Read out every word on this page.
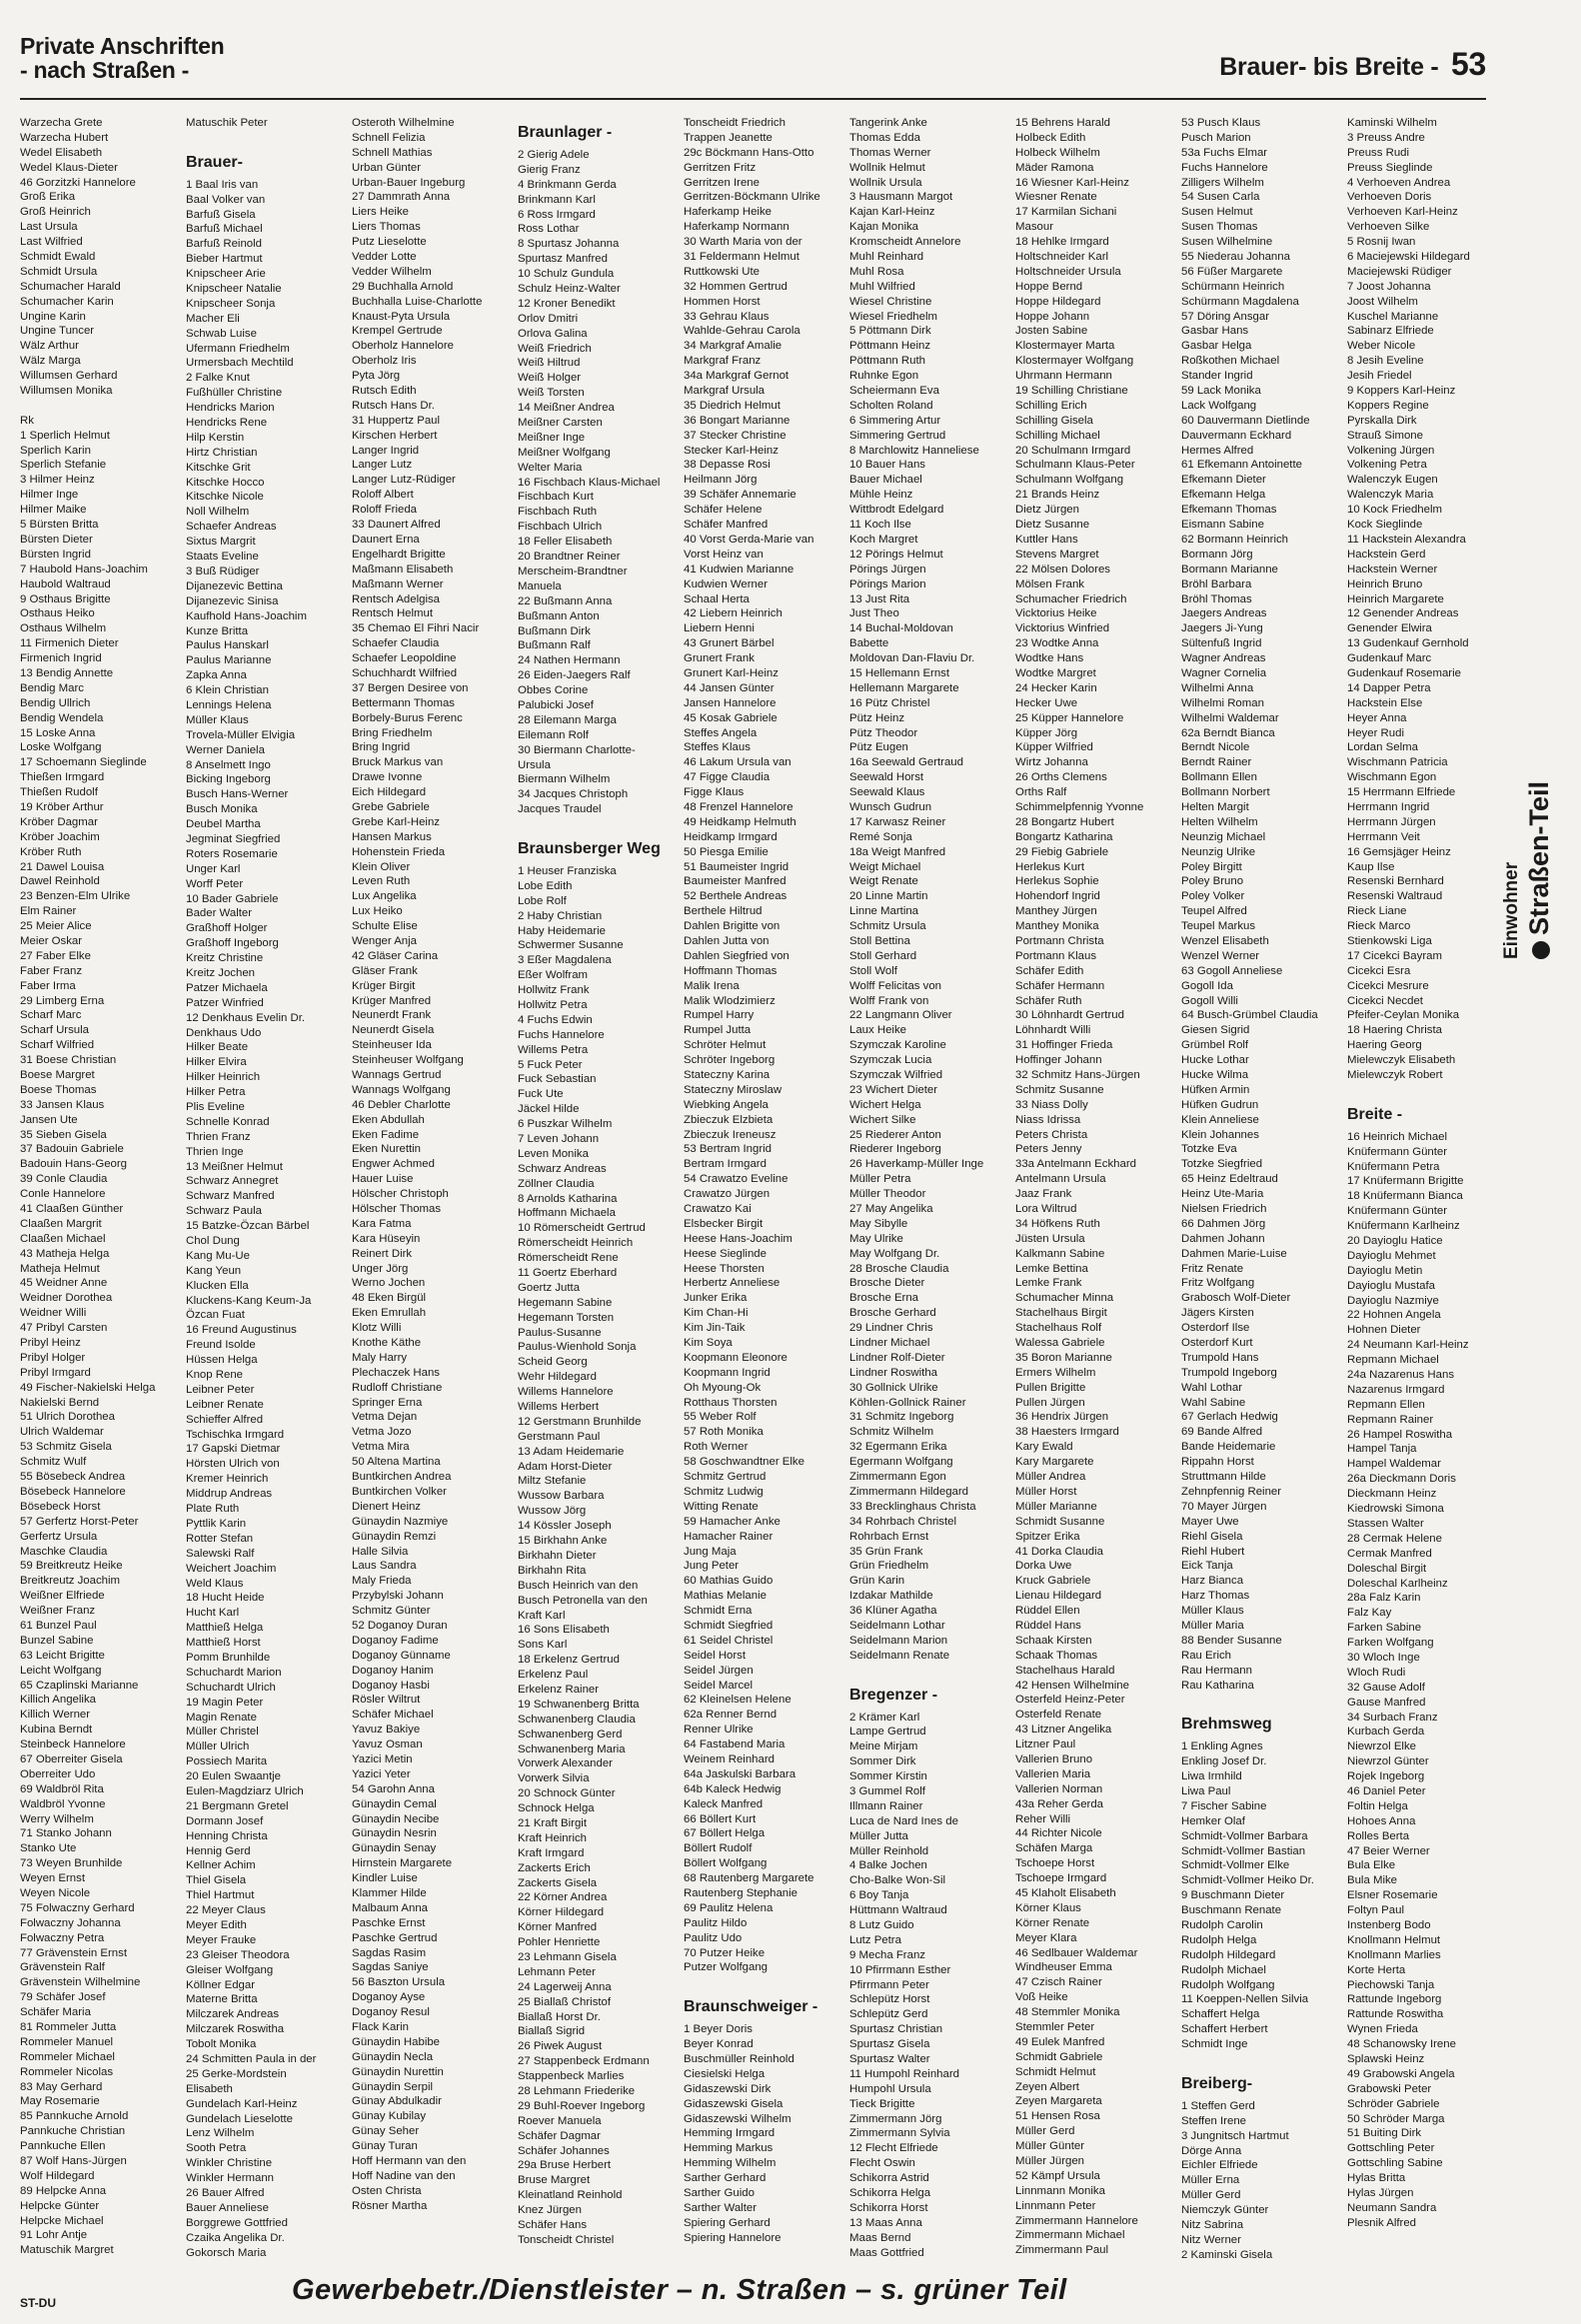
Private Anschriften
- nach Straßen -	Brauer- bis Breite - 53
Warzecha Grete
Warzecha Hubert
Wedel Elisabeth
Wedel Klaus-Dieter
46 Gorzitzki Hannelore
Groß Erika
Groß Heinrich
Last Ursula
Last Wilfried
Schmidt Ewald
Schmidt Ursula
Schumacher Harald
Schumacher Karin
Ungine Karin
Ungine Tuncer
Wälz Arthur
Wälz Marga
Willumsen Gerhard
Willumsen Monika

Rk
1 Sperlich Helmut
Sperlich Karin
Sperlich Stefanie
3 Hilmer Heinz
Hilmer Inge
Hilmer Maike
5 Bürsten Britta
Bürsten Dieter
Bürsten Ingrid
7 Haubold Hans-Joachim
Haubold Waltraud
9 Osthaus Brigitte
Osthaus Heiko
Osthaus Wilhelm
11 Firmenich Dieter
Firmenich Ingrid
13 Bendig Annette
Bendig Marc
Bendig Ullrich
Bendig Wendela
15 Loske Anna
Loske Wolfgang
17 Schoemann Sieglinde
Thießen Irmgard
Thießen Rudolf
19 Kröber Arthur
Kröber Dagmar
Kröber Joachim
Kröber Ruth
21 Dawel Louisa
Dawel Reinhold
23 Benzen-Elm Ulrike
Elm Rainer
25 Meier Alice
Meier Oskar
27 Faber Elke
Faber Franz
Faber Irma
29 Limberg Erna
Scharf Marc
Scharf Ursula
Scharf Wilfried
31 Boese Christian
Boese Margret
Boese Thomas
33 Jansen Klaus
Jansen Ute
35 Sieben Gisela
37 Badouin Gabriele
Badouin Hans-Georg
39 Conle Claudia
Conle Hannelore
41 Claaßen Günther
Claaßen Margrit
Claaßen Michael
43 Matheja Helga
Matheja Helmut
45 Weidner Anne
Weidner Dorothea
Weidner Willi
47 Pribyl Carsten
Pribyl Heinz
Pribyl Holger
Pribyl Irmgard
49 Fischer-Nakielski Helga
Nakielski Bernd
51 Ulrich Dorothea
Ulrich Waldemar
53 Schmitz Gisela
Schmitz Wulf
55 Bösebeck Andrea
Bösebeck Hannelore
Bösebeck Horst
57 Gerfertz Horst-Peter
Gerfertz Ursula
Maschke Claudia
59 Breitkreutz Heike
Breitkreutz Joachim
Weißner Elfriede
Weißner Franz
61 Bunzel Paul
Bunzel Sabine
63 Leicht Brigitte
Leicht Wolfgang
65 Czaplinski Marianne
Killich Angelika
Killich Werner
Kubina Berndt
Steinbeck Hannelore
67 Oberreiter Gisela
Oberreiter Udo
69 Waldbröl Rita
Waldbröl Yvonne
Werry Wilhelm
71 Stanko Johann
Stanko Ute
73 Weyen Brunhilde
Weyen Ernst
Weyen Nicole
75 Folwaczny Gerhard
Folwaczny Johanna
Folwaczny Petra
77 Grävenstein Ernst
Grävenstein Ralf
Grävenstein Wilhelmine
79 Schäfer Josef
Schäfer Maria
81 Rommeler Jutta
Rommeler Manuel
Rommeler Michael
Rommeler Nicolas
83 May Gerhard
May Rosemarie
85 Pannkuche Arnold
Pannkuche Christian
Pannkuche Ellen
87 Wolf Hans-Jürgen
Wolf Hildegard
89 Helpcke Anna
Helpcke Günter
Helpcke Michael
91 Lohr Antje
Matuschik Margret
Matuschik Peter

Brauer-
1 Baal Iris van
Baal Volker van
Barfuß Gisela
Barfuß Michael
Barfuß Reinold
Bieber Hartmut
Knipscheer Arie
Knipscheer Natalie
Knipscheer Sonja
Macher Eli
Schwab Luise
Ufermann Friedhelm
Urmersbach Mechtild
2 Falke Knut
Fußhüller Christine
Hendricks Marion
Hendricks Rene
Hilp Kerstin
Hirtz Christian
Kitschke Grit
Kitschke Hocco
Kitschke Nicole
Noll Wilhelm
Schaefer Andreas
Sixtus Margrit
Staats Eveline
3 Buß Rüdiger
Dijanezevic Bettina
Dijanezevic Sinisa
Kaufhold Hans-Joachim
Kunze Britta
Paulus Hanskarl
Paulus Marianne
Zapka Anna
6 Klein Christian
Lennings Helena
Müller Klaus
Trovela-Müller Elvigia
Werner Daniela
8 Anselmett Ingo
Bicking Ingeborg
Busch Hans-Werner
Busch Monika
Deubel Martha
Jegminat Siegfried
Roters Rosemarie
Unger Karl
Worff Peter
10 Bader Gabriele
Bader Walter
Graßhoff Holger
Graßhoff Ingeborg
Kreitz Christine
Kreitz Jochen
Patzer Michaela
Patzer Winfried
12 Denkhaus Evelin Dr.
Denkhaus Udo
Hilker Beate
Hilker Elvira
Hilker Heinrich
Hilker Petra
Plis Eveline
Schnelle Konrad
Thrien Franz
Thrien Inge
13 Meißner Helmut
Schwarz Annegret
Schwarz Manfred
Schwarz Paula
15 Batzke-Özcan Bärbel
Chol Dung
Kang Mu-Ue
Kang Yeun
Klucken Ella
Kluckens-Kang Keum-Ja
Özcan Fuat
16 Freund Augustinus
Freund Isolde
Hüssen Helga
Knop Rene
Leibner Peter
Leibner Renate
Schieffer Alfred
Tschischka Irmgard
17 Gapski Dietmar
Hörsten Ulrich von
Kremer Heinrich
Middrup Andreas
Plate Ruth
Pyttlik Karin
Rotter Stefan
Salewski Ralf
Weichert Joachim
Weld Klaus
18 Hucht Heide
Hucht Karl
Matthieß Helga
Matthieß Horst
Pomm Brunhilde
Schuchardt Marion
Schuchardt Ulrich
19 Magin Peter
Magin Renate
Müller Christel
Müller Ulrich
Possiech Marita
20 Eulen Swaantje
Eulen-Magdziarz Ulrich
21 Bergmann Gretel
Dormann Josef
Henning Christa
Hennig Gerd
Kellner Achim
Thiel Gisela
Thiel Hartmut
22 Meyer Claus
Meyer Edith
Meyer Frauke
23 Gleiser Theodora
Gleiser Wolfgang
Köllner Edgar
Materne Britta
Milczarek Andreas
Milczarek Roswitha
Tobolt Monika
24 Schmitten Paula in der
25 Gerke-Mordstein
Elisabeth
Gundelach Karl-Heinz
Gundelach Lieselotte
Lenz Wilhelm
Sooth Petra
Winkler Christine
Winkler Hermann
26 Bauer Alfred
Bauer Anneliese
Borggrewe Gottfried
Czaika Angelika Dr.
Gokorsch Maria
Osteroth Wilhelmine
Schnell Felizia
Schnell Mathias
Urban Günter
Urban-Bauer Ingeburg
27 Dammrath Anna
Liers Heike
Liers Thomas
Putz Lieselotte
Vedder Lotte
Vedder Wilhelm
29 Buchhalla Arnold
Buchhalla Luise-Charlotte
Knaust-Pyta Ursula
Krempel Gertrude
Oberholz Hannelore
Oberholz Iris
Pyta Jörg
Rutsch Edith
Rutsch Hans Dr.
31 Huppertz Paul
Kirschen Herbert
Langer Ingrid
Langer Lutz
Langer Lutz-Rüdiger
Roloff Albert
Roloff Frieda
33 Daunert Alfred
Daunert Erna
Engelhardt Brigitte
Maßmann Elisabeth
Maßmann Werner
Rentsch Adelgisa
Rentsch Helmut
35 Chemao El Fihri Nacir
Schaefer Claudia
Schaefer Leopoldine
Schuchhardt Wilfried
37 Bergen Desiree von
Bettermann Thomas
Borbely-Burus Ferenc
Bring Friedhelm
Bring Ingrid
Bruck Markus van
Drawe Ivonne
Eich Hildegard
Grebe Gabriele
Grebe Karl-Heinz
Hansen Markus
Hohenstein Frieda
Klein Oliver
Leven Ruth
Lux Angelika
Lux Heiko
Schulte Elise
Wenger Anja
42 Gläser Carina
Gläser Frank
Krüger Birgit
Krüger Manfred
Neunerdt Frank
Neunerdt Gisela
Steinheuser Ida
Steinheuser Wolfgang
Wannags Gertrud
Wannags Wolfgang
46 Debler Charlotte
Eken Abdullah
Eken Fadime
Eken Nurettin
Engwer Achmed
Hauer Luise
Hölscher Christoph
Hölscher Thomas
Kara Fatma
Kara Hüseyin
Reinert Dirk
Unger Jörg
Werno Jochen
48 Eken Birgül
Eken Emrullah
Klotz Willi
Knothe Käthe
Maly Harry
Plechaczek Hans
Rudloff Christiane
Springer Erna
Vetma Dejan
Vetma Jozo
Vetma Mira
50 Altena Martina
Buntkirchen Andrea
Buntkirchen Volker
Dienert Heinz
Günaydin Nazmiye
Günaydin Remzi
Halle Silvia
Laus Sandra
Maly Frieda
Przybylski Johann
Schmitz Günter
52 Doganoy Duran
Doganoy Fadime
Doganoy Günname
Doganoy Hanim
Doganoy Hasbi
Rösler Wiltrut
Schäfer Michael
Yavuz Bakiye
Yavuz Osman
Yazici Metin
Yazici Yeter
54 Garohn Anna
Günaydin Cemal
Günaydin Necibe
Günaydin Nesrin
Günaydin Senay
Hirnstein Margarete
Kindler Luise
Klammer Hilde
Malbaum Anna
Paschke Ernst
Paschke Gertrud
Sagdas Rasim
Sagdas Saniye
56 Baszton Ursula
Doganoy Ayse
Doganoy Resul
Flack Karin
Günaydin Habibe
Günaydin Necla
Günaydin Nurettin
Günaydin Serpil
Günay Abdulkadir
Günay Kubilay
Günay Seher
Günay Turan
Hoff Hermann van den
Hoff Nadine van den
Osten Christa
Rösner Martha
Braunlager -
2 Gierig Adele
Gierig Franz
4 Brinkmann Gerda
Brinkmann Karl
6 Ross Irmgard
Ross Lothar
8 Spurtasz Johanna
Spurtasz Manfred
10 Schulz Gundula
Schulz Heinz-Walter
12 Kroner Benedikt
Orlov Dmitri
Orlova Galina
Weiß Friedrich
Weiß Hiltrud
Weiß Holger
Weiß Torsten
14 Meißner Andrea
Meißner Carsten
Meißner Inge
Meißner Wolfgang
Welter Maria
16 Fischbach Klaus-Michael
Fischbach Kurt
Fischbach Ruth
Fischbach Ulrich
18 Feller Elisabeth
20 Brandtner Reiner
Merscheim-Brandtner
Manuela
22 Bußmann Anna
Bußmann Anton
Bußmann Dirk
Bußmann Ralf
24 Nathen Hermann
26 Eiden-Jaegers Ralf
Obbes Corine
Palubicki Josef
28 Eilemann Marga
Eilemann Rolf
30 Biermann Charlotte-
Ursula
Biermann Wilhelm
34 Jacques Christoph
Jacques Traudel

Braunsberger Weg
1 Heuser Franziska
Lobe Edith
Lobe Rolf
2 Haby Christian
Haby Heidemarie
Schwermer Susanne
3 Eßer Magdalena
Eßer Wolfram
Hollwitz Frank
Hollwitz Petra
4 Fuchs Edwin
Fuchs Hannelore
Willems Petra
5 Fuck Peter
Fuck Sebastian
Fuck Ute
Jäckel Hilde
6 Puszkar Wilhelm
7 Leven Johann
Leven Monika
Schwarz Andreas
Zöllner Claudia
8 Arnolds Katharina
Hoffmann Michaela
10 Römerscheidt Gertrud
Römerscheidt Heinrich
Römerscheidt Rene
11 Goertz Eberhard
Goertz Jutta
Hegemann Sabine
Hegemann Torsten
Paulus-Susanne
Paulus-Wienhold Sonja
Scheid Georg
Wehr Hildegard
Willems Hannelore
Willems Herbert
12 Gerstmann Brunhilde
Gerstmann Paul
13 Adam Heidemarie
Adam Horst-Dieter
Miltz Stefanie
Wussow Barbara
Wussow Jörg
14 Kössler Joseph
15 Birkhahn Anke
Birkhahn Dieter
Birkhahn Rita
Busch Heinrich van den
Busch Petronella van den
Kraft Karl
16 Sons Elisabeth
Sons Karl
18 Erkelenz Gertrud
Erkelenz Paul
Erkelenz Rainer
19 Schwanenberg Britta
Schwanenberg Claudia
Schwanenberg Gerd
Schwanenberg Maria
Vorwerk Alexander
Vorwerk Silvia
20 Schnock Günter
Schnock Helga
21 Kraft Birgit
Kraft Heinrich
Kraft Irmgard
Zackerts Erich
Zackerts Gisela
22 Körner Andrea
Körner Hildegard
Körner Manfred
Pohler Henriette
23 Lehmann Gisela
Lehmann Peter
24 Lagerweij Anna
25 Biallaß Christof
Biallaß Horst Dr.
Biallaß Sigrid
26 Piwek August
27 Stappenbeck Erdmann
Stappenbeck Marlies
28 Lehmann Friederike
29 Buhl-Roever Ingeborg
Roever Manuela
Schäfer Dagmar
Schäfer Johannes
29a Bruse Herbert
Bruse Margret
Kleinatland Reinhold
Knez Jürgen
Schäfer Hans
Tonscheidt Christel
Tonscheidt Friedrich
Trappen Jeanette
29c Böckmann Hans-Otto
Gerritzen Fritz
Gerritzen Irene
Gerritzen-Böckmann Ulrike
Haferkamp Heike
Haferkamp Normann
30 Warth Maria von der
31 Feldermann Helmut
Ruttkowski Ute
32 Hommen Gertrud
Hommen Horst
33 Gehrau Klaus
Wahlde-Gehrau Carola
34 Markgraf Amalie
Markgraf Franz
34a Markgraf Gernot
Markgraf Ursula
35 Diedrich Helmut
36 Bongart Marianne
37 Stecker Christine
Stecker Karl-Heinz
38 Depasse Rosi
Heilmann Jörg
39 Schäfer Annemarie
Schäfer Helene
Schäfer Manfred
40 Vorst Gerda-Marie van
Vorst Heinz van
41 Kudwien Marianne
Kudwien Werner
Schaal Herta
42 Liebern Heinrich
Liebern Henni
43 Grunert Bärbel
Grunert Frank
Grunert Karl-Heinz
44 Jansen Günter
Jansen Hannelore
45 Kosak Gabriele
Steffes Angela
Steffes Klaus
46 Lakum Ursula van
47 Figge Claudia
Figge Klaus
48 Frenzel Hannelore
49 Heidkamp Helmuth
Heidkamp Irmgard
50 Piesga Emilie
51 Baumeister Ingrid
Baumeister Manfred
52 Berthele Andreas
Berthele Hiltrud
Dahlen Brigitte von
Dahlen Jutta von
Dahlen Siegfried von
Hoffmann Thomas
Malik Irena
Malik Wlodzimierz
Rumpel Harry
Rumpel Jutta
Schröter Helmut
Schröter Ingeborg
Stateczny Karina
Stateczny Miroslaw
Wiebking Angela
Zbieczuk Elzbieta
Zbieczuk Ireneusz
53 Bertram Ingrid
Bertram Irmgard
54 Crawatzo Eveline
Crawatzo Jürgen
Crawatzo Kai
Elsbecker Birgit
Heese Hans-Joachim
Heese Sieglinde
Heese Thorsten
Herbertz Anneliese
Junker Erika
Kim Chan-Hi
Kim Jin-Taik
Kim Soya
Koopmann Eleonore
Koopmann Ingrid
Oh Myoung-Ok
Rotthaus Thorsten
55 Weber Rolf
57 Roth Monika
Roth Werner
58 Goschwandtner Elke
Schmitz Gertrud
Schmitz Ludwig
Witting Renate
59 Hamacher Anke
Hamacher Rainer
Jung Maja
Jung Peter
60 Mathias Guido
Mathias Melanie
Schmidt Erna
Schmidt Siegfried
61 Seidel Christel
Seidel Horst
Seidel Jürgen
Seidel Marcel
62 Kleinelsen Helene
62a Renner Bernd
Renner Ulrike
64 Fastabend Maria
Weinem Reinhard
64a Jaskulski Barbara
64b Kaleck Hedwig
Kaleck Manfred
66 Böllert Kurt
67 Böllert Helga
Böllert Rudolf
Böllert Wolfgang
68 Rautenberg Margarete
Rautenberg Stephanie
69 Paulitz Helena
Paulitz Hildo
Paulitz Udo
70 Putzer Heike
Putzer Wolfgang

Braunschweiger -
1 Beyer Doris
Beyer Konrad
Buschmüller Reinhold
Ciesielski Helga
Gidaszewski Dirk
Gidaszewski Gisela
Gidaszewski Wilhelm
Hemming Irmgard
Hemming Markus
Hemming Wilhelm
Sarther Gerhard
Sarther Guido
Sarther Walter
Spiering Gerhard
Spiering Hannelore
Tangerink Anke
Thomas Edda
Thomas Werner
Wollnik Helmut
Wollnik Ursula
3 Hausmann Margot
Kajan Karl-Heinz
Kajan Monika
Kromscheidt Annelore
Muhl Reinhard
Muhl Rosa
Muhl Wilfried
Wiesel Christine
Wiesel Friedhelm
5 Pöttmann Dirk
Pöttmann Heinz
Pöttmann Ruth
Ruhnke Egon
Scheiermann Eva
Scholten Roland
6 Simmering Artur
Simmering Gertrud
8 Marchlowitz Hanneliese
10 Bauer Hans
Bauer Michael
Mühle Heinz
Wittbrodt Edelgard
11 Koch Ilse
Koch Margret
12 Pörings Helmut
Pörings Jürgen
Pörings Marion
13 Just Rita
Just Theo
14 Buchal-Moldovan
Babette
Moldovan Dan-Flaviu Dr.
15 Hellemann Ernst
Hellemann Margarete
16 Pütz Christel
Pütz Heinz
Pütz Theodor
Pütz Eugen
16a Seewald Gertraud
Seewald Horst
Seewald Klaus
Wunsch Gudrun
17 Karwasz Reiner
Remé Sonja
18a Weigt Manfred
Weigt Michael
Weigt Renate
20 Linne Martin
Linne Martina
Schmitz Ursula
Stoll Bettina
Stoll Gerhard
Stoll Wolf
Wolff Felicitas von
Wolff Frank von
22 Langmann Oliver
Laux Heike
Szymczak Karoline
Szymczak Lucia
Szymczak Wilfried
23 Wichert Dieter
Wichert Helga
Wichert Silke
25 Riederer Anton
Riederer Ingeborg
26 Haverkamp-Müller Inge
Müller Petra
Müller Theodor
27 May Angelika
May Sibylle
May Ulrike
May Wolfgang Dr.
28 Brosche Claudia
Brosche Dieter
Brosche Erna
Brosche Gerhard
29 Lindner Chris
Lindner Michael
Lindner Rolf-Dieter
Lindner Roswitha
30 Gollnick Ulrike
Köhlen-Gollnick Rainer
31 Schmitz Ingeborg
Schmitz Wilhelm
32 Egermann Erika
Egermann Wolfgang
Zimmermann Egon
Zimmermann Hildegard
33 Brecklinghaus Christa
34 Rohrbach Christel
Rohrbach Ernst
35 Grün Frank
Grün Friedhelm
Grün Karin
Izdakar Mathilde
36 Klüner Agatha
Seidelmann Lothar
Seidelmann Marion
Seidelmann Renate

Bregenzer -
2 Krämer Karl
Lampe Gertrud
Meine Mirjam
Sommer Dirk
Sommer Kirstin
3 Gummel Rolf
Illmann Rainer
Luca de Nard Ines de
Müller Jutta
Müller Reinhold
4 Balke Jochen
Cho-Balke Won-Sil
6 Boy Tanja
Hüttmann Waltraud
8 Lutz Guido
Lutz Petra
9 Mecha Franz
10 Pfirrmann Esther
Pfirrmann Peter
Schlepütz Horst
Schlepütz Gerd
Spurtasz Christian
Spurtasz Gisela
Spurtasz Walter
11 Humpohl Reinhard
Humpohl Ursula
Tieck Brigitte
Zimmermann Jörg
Zimmermann Sylvia
12 Flecht Elfriede
Flecht Oswin
Schikorra Astrid
Schikorra Helga
Schikorra Horst
13 Maas Anna
Maas Bernd
Maas Gottfried
15 Behrens Harald
Holbeck Edith
Holbeck Wilhelm
Mäder Ramona
16 Wiesner Karl-Heinz
Wiesner Renate
17 Karmilan Sichani
Masour
18 Hehlke Irmgard
Holtschneider Karl
Holtschneider Ursula
Hoppe Bernd
Hoppe Hildegard
Hoppe Johann
Josten Sabine
Klostermayer Marta
Klostermayer Wolfgang
Uhrmann Hermann
19 Schilling Christiane
Schilling Erich
Schilling Gisela
Schilling Michael
20 Schulmann Irmgard
Schulmann Klaus-Peter
Schulmann Wolfgang
21 Brands Heinz
Dietz Jürgen
Dietz Susanne
Kuttler Hans
Stevens Margret
22 Mölsen Dolores
Mölsen Frank
Schumacher Friedrich
Vicktorius Heike
Vicktorius Winfried
23 Wodtke Anna
Wodtke Hans
Wodtke Margret
24 Hecker Karin
Hecker Uwe
25 Küpper Hannelore
Küpper Jörg
Küpper Wilfried
Wirtz Johanna
26 Orths Clemens
Orths Ralf
Schimmelpfennig Yvonne
28 Bongartz Hubert
Bongartz Katharina
29 Fiebig Gabriele
Herlekus Kurt
Herlekus Sophie
Hohendorf Ingrid
Manthey Jürgen
Manthey Monika
Portmann Christa
Portmann Klaus
Schäfer Edith
Schäfer Hermann
Schäfer Ruth
30 Löhnhardt Gertrud
Löhnhardt Willi
31 Hoffinger Frieda
Hoffinger Johann
32 Schmitz Hans-Jürgen
Schmitz Susanne
33 Niass Dolly
Niass Idrissa
Peters Christa
Peters Jenny
33a Antelmann Eckhard
Antelmann Ursula
Jaaz Frank
Lora Wiltrud
34 Höfkens Ruth
Jüsten Ursula
Kalkmann Sabine
Lemke Bettina
Lemke Frank
Schumacher Minna
Stachelhaus Birgit
Stachelhaus Rolf
Walessa Gabriele
35 Boron Marianne
Ermers Wilhelm
Pullen Brigitte
Pullen Jürgen
36 Hendrix Jürgen
38 Haesters Irmgard
Kary Ewald
Kary Margarete
Müller Andrea
Müller Horst
Müller Marianne
Schmidt Susanne
Spitzer Erika
41 Dorka Claudia
Dorka Uwe
Kruck Gabriele
Lienau Hildegard
Rüddel Ellen
Rüddel Hans
Schaak Kirsten
Schaak Thomas
Stachelhaus Harald
42 Hensen Wilhelmine
Osterfeld Heinz-Peter
Osterfeld Renate
43 Litzner Angelika
Litzner Paul
Vallerien Bruno
Vallerien Maria
Vallerien Norman
43a Reher Gerda
Reher Willi
44 Richter Nicole
Schäfen Marga
Tschoepe Horst
Tschoepe Irmgard
45 Klaholt Elisabeth
Körner Klaus
Körner Renate
Meyer Klara
46 Sedlbauer Waldemar
Windheuser Emma
47 Czisch Rainer
Voß Heike
48 Stemmler Monika
Stemmler Peter
49 Eulek Manfred
Schmidt Gabriele
Schmidt Helmut
Zeyen Albert
Zeyen Margareta
51 Hensen Rosa
Müller Gerd
Müller Günter
Müller Jürgen
52 Kämpf Ursula
Linnmann Monika
Linnmann Peter
Zimmermann Hannelore
Zimmermann Michael
Zimmermann Paul
53 Pusch Klaus
Pusch Marion
53a Fuchs Elmar
Fuchs Hannelore
Zilligers Wilhelm
54 Susen Carla
Susen Helmut
Susen Thomas
Susen Wilhelmine
55 Niederau Johanna
56 Füßer Margarete
Schürmann Heinrich
Schürmann Magdalena
57 Döring Ansgar
Gasbar Hans
Gasbar Helga
Roßkothen Michael
Stander Ingrid
59 Lack Monika
Lack Wolfgang
60 Dauvermann Dietlinde
Dauvermann Eckhard
Hermes Alfred
61 Efkemann Antoinette
Efkemann Dieter
Efkemann Helga
Efkemann Thomas
Eismann Sabine
62 Bormann Heinrich
Bormann Jörg
Bormann Marianne
Bröhl Barbara
Bröhl Thomas
Jaegers Andreas
Jaegers Ji-Yung
Sültenfuß Ingrid
Wagner Andreas
Wagner Cornelia
Wilhelmi Anna
Wilhelmi Roman
Wilhelmi Waldemar
62a Berndt Bianca
Berndt Nicole
Berndt Rainer
Bollmann Ellen
Bollmann Norbert
Helten Margit
Helten Wilhelm
Neunzig Michael
Neunzig Ulrike
Poley Birgitt
Poley Bruno
Poley Volker
Teupel Alfred
Teupel Markus
Wenzel Elisabeth
Wenzel Werner
63 Gogoll Anneliese
Gogoll Ida
Gogoll Willi
64 Busch-Grümbel Claudia
Giesen Sigrid
Grümbel Rolf
Hucke Lothar
Hucke Wilma
Hüfken Armin
Hüfken Gudrun
Klein Anneliese
Klein Johannes
Totzke Eva
Totzke Siegfried
65 Heinz Edeltraud
Heinz Ute-Maria
Nielsen Friedrich
66 Dahmen Jörg
Dahmen Johann
Dahmen Marie-Luise
Fritz Renate
Fritz Wolfgang
Grabosch Wolf-Dieter
Jägers Kirsten
Osterdorf Ilse
Osterdorf Kurt
Trumpold Hans
Trumpold Ingeborg
Wahl Lothar
Wahl Sabine
67 Gerlach Hedwig
69 Bande Alfred
Bande Heidemarie
Rippahn Horst
Struttmann Hilde
Zehnpfennig Reiner
70 Mayer Jürgen
Mayer Uwe
Riehl Gisela
Riehl Hubert
Eick Tanja
Harz Bianca
Harz Thomas
Müller Klaus
Müller Maria
88 Bender Susanne
Rau Erich
Rau Hermann
Rau Katharina

Brehmsweg
1 Enkling Agnes
Enkling Josef Dr.
Liwa Irmhild
Liwa Paul
7 Fischer Sabine
Hemker Olaf
Schmidt-Vollmer Barbara
Schmidt-Vollmer Bastian
Schmidt-Vollmer Elke
Schmidt-Vollmer Heiko Dr.
9 Buschmann Dieter
Buschmann Renate
Rudolph Carolin
Rudolph Helga
Rudolph Hildegard
Rudolph Michael
Rudolph Wolfgang
11 Koeppen-Nellen Silvia
Schaffert Helga
Schaffert Herbert
Schmidt Inge

Breiberg-
1 Steffen Gerd
Steffen Irene
3 Jungnitsch Hartmut
Dörge Anna
Eichler Elfriede
Müller Erna
Müller Gerd
Niemczyk Günter
Nitz Sabrina
Nitz Werner
2 Kaminski Gisela
Kaminski Wilhelm
3 Preuss Andre
Preuss Rudi
Preuss Sieglinde
4 Verhoeven Andrea
Verhoeven Doris
Verhoeven Karl-Heinz
Verhoeven Silke
5 Rosnij Iwan
6 Maciejewski Hildegard
Maciejewski Rüdiger
7 Joost Johanna
Joost Wilhelm
Kuschel Marianne
Sabinarz Elfriede
Weber Nicole
8 Jesih Eveline
Jesih Friedel
9 Koppers Karl-Heinz
Koppers Regine
Pyrskalla Dirk
Strauß Simone
Volkening Jürgen
Volkening Petra
Walenczyk Eugen
Walenczyk Maria
10 Kock Friedhelm
Kock Sieglinde
11 Hackstein Alexandra
Hackstein Gerd
Hackstein Werner
Heinrich Bruno
Heinrich Margarete
12 Genender Andreas
Genender Elwira
13 Gudenkauf Gernhold
Gudenkauf Marc
Gudenkauf Rosemarie
14 Dapper Petra
Hackstein Else
Heyer Anna
Heyer Rudi
Lordan Selma
Wischmann Patricia
Wischmann Egon
15 Herrmann Elfriede
Herrmann Ingrid
Herrmann Jürgen
Herrmann Veit
16 Gemsjäger Heinz
Kaup Ilse
Resenski Bernhard
Resenski Waltraud
Rieck Liane
Rieck Marco
Stienkowski Liga
17 Cicekci Bayram
Cicekci Esra
Cicekci Mesrure
Cicekci Necdet
Pfeifer-Ceylan Monika
18 Haering Christa
Haering Georg
Mielewczyk Elisabeth
Mielewczyk Robert

Breite -
16 Heinrich Michael
Knüfermann Günter
Knüfermann Petra
17 Knüfermann Brigitte
18 Knüfermann Bianca
Knüfermann Günter
Knüfermann Karlheinz
20 Dayioglu Hatice
Dayioglu Mehmet
Dayioglu Metin
Dayioglu Mustafa
Dayioglu Nazmiye
22 Hohnen Angela
Hohnen Dieter
24 Neumann Karl-Heinz
Repmann Michael
24a Nazarenus Hans
Nazarenus Irmgard
Repmann Ellen
Repmann Rainer
26 Hampel Roswitha
Hampel Tanja
Hampel Waldemar
26a Dieckmann Doris
Dieckmann Heinz
Kiedrowski Simona
Stassen Walter
28 Cermak Helene
Cermak Manfred
Doleschal Birgit
Doleschal Karlheinz
28a Falz Karin
Falz Kay
Farken Sabine
Farken Wolfgang
30 Wloch Inge
Wloch Rudi
32 Gause Adolf
Gause Manfred
34 Surbach Franz
Kurbach Gerda
Niewrzol Elke
Niewrzol Günter
Rojek Ingeborg
46 Daniel Peter
Foltin Helga
Hohoes Anna
Rolles Berta
47 Beier Werner
Bula Elke
Bula Mike
Elsner Rosemarie
Foltyn Paul
Instenberg Bodo
Knollmann Helmut
Knollmann Marlies
Korte Herta
Piechowski Tanja
Rattunde Ingeborg
Rattunde Roswitha
Wynen Frieda
48 Schanowsky Irene
Splawski Heinz
49 Grabowski Angela
Grabowski Peter
Schröder Gabriele
50 Schröder Marga
51 Buiting Dirk
Gottschling Peter
Gottschling Sabine
Hylas Britta
Hylas Jürgen
Neumann Sandra
Plesnik Alfred
Einwohner Straßen-Teil
ST-DU	Gewerbebetr./Dienstleister – n. Straßen – s. grüner Teil
